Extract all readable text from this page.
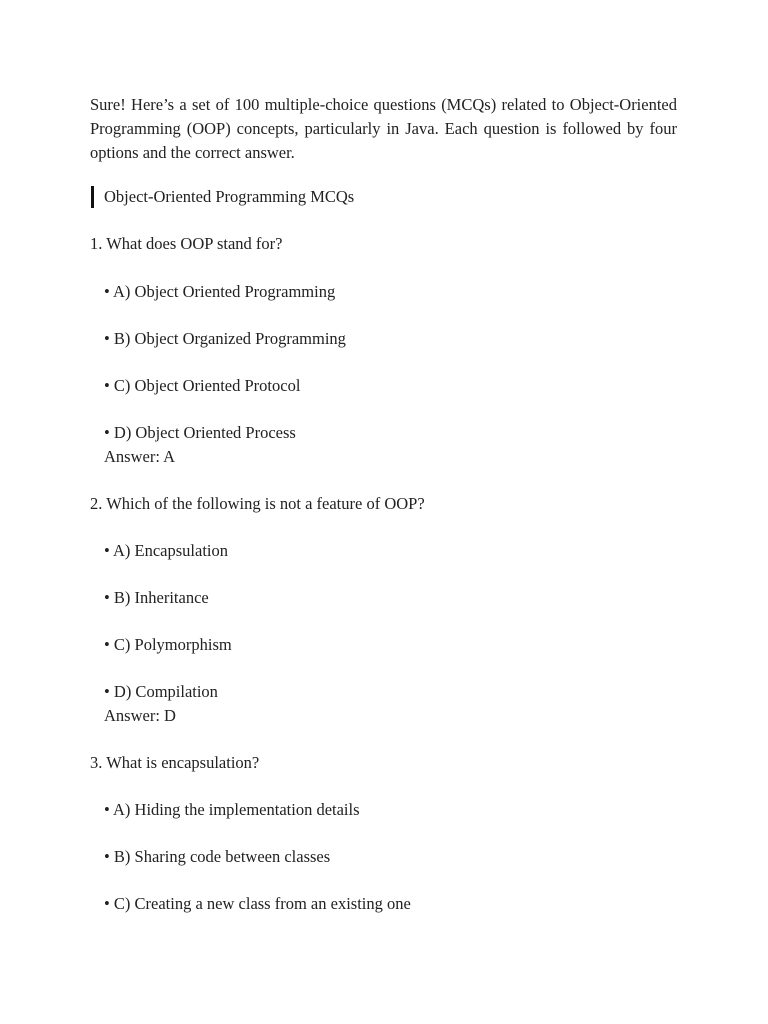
Sure! Here’s a set of 100 multiple-choice questions (MCQs) related to Object-Oriented Programming (OOP) concepts, particularly in Java. Each question is followed by four options and the correct answer.

Object-Oriented Programming MCQs
1. What does OOP stand for?
• A) Object Oriented Programming
• B) Object Organized Programming
• C) Object Oriented Protocol
• D) Object Oriented Process
Answer: A
2. Which of the following is not a feature of OOP?
• A) Encapsulation
• B) Inheritance
• C) Polymorphism
• D) Compilation
Answer: D
3. What is encapsulation?
• A) Hiding the implementation details
• B) Sharing code between classes
• C) Creating a new class from an existing one
